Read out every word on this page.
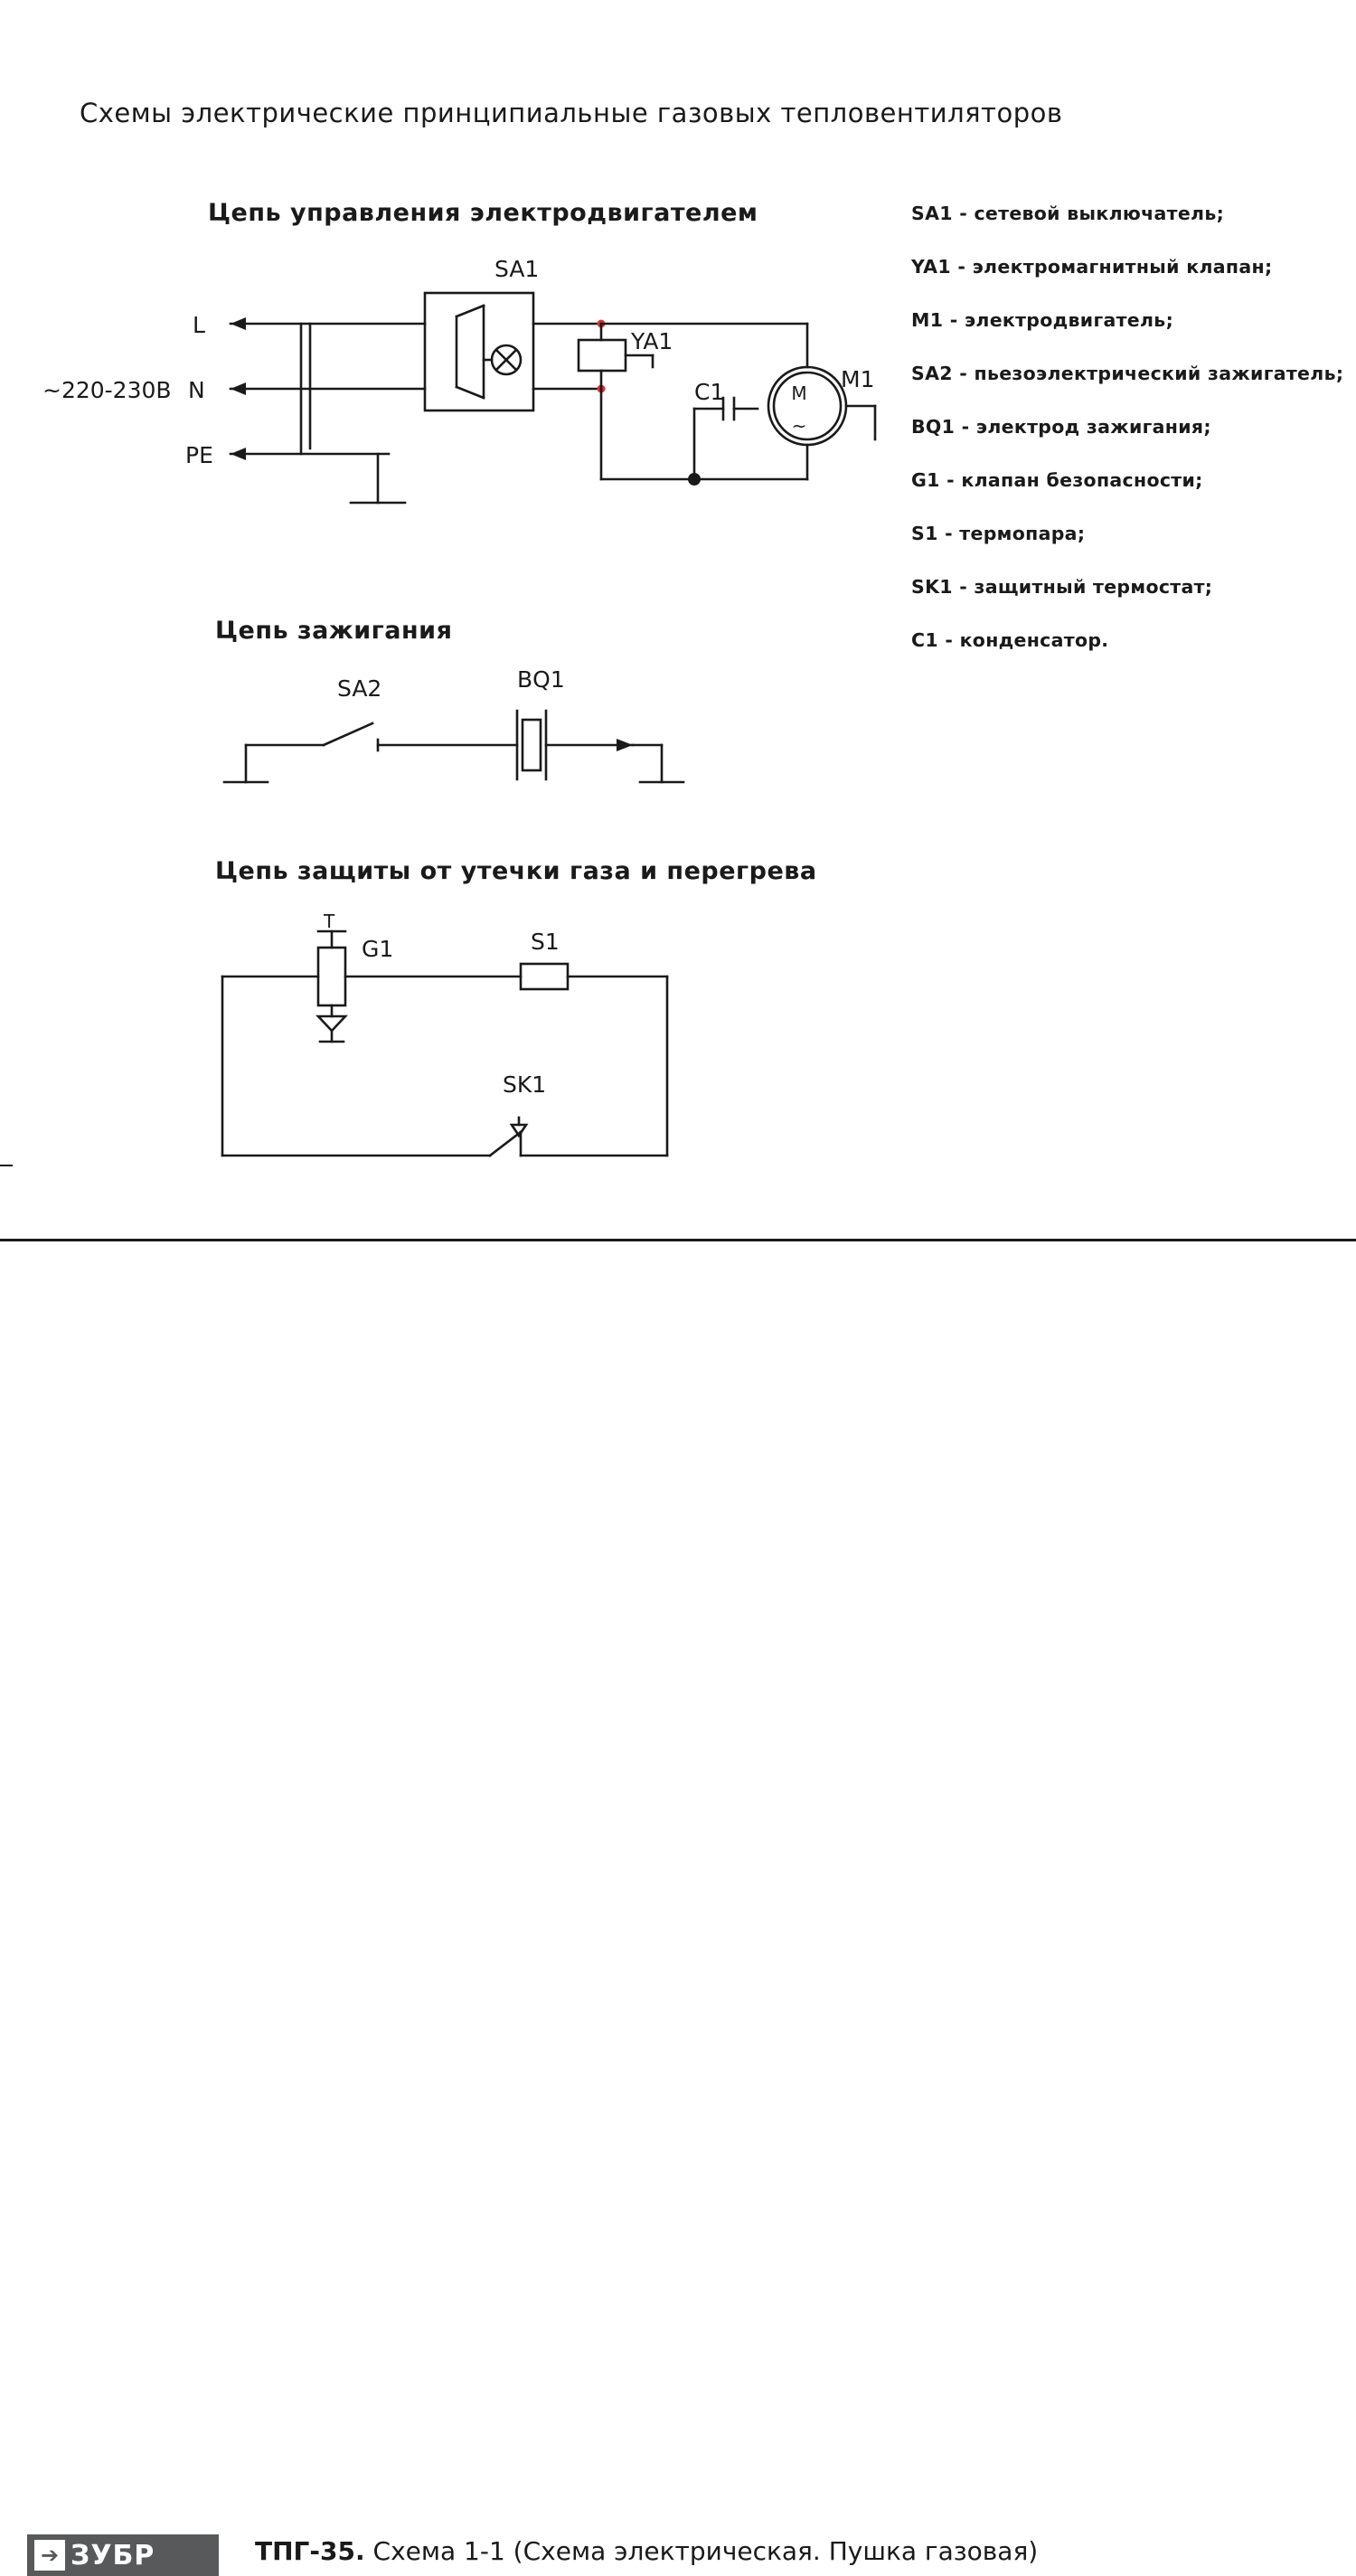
Схемы электрические принципиальные газовых тепловентиляторов
Цепь управления электродвигателем
Цепь зажигания
Цепь защиты от утечки газа и перегрева
SA1 - сетевой выключатель;
YA1 - электромагнитный клапан;
M1 - электродвигатель;
SA2 - пьезоэлектрический зажигатель;
BQ1 - электрод зажигания;
G1 - клапан безопасности;
S1 - термопара;
SK1 - защитный термостат;
C1 - конденсатор.
L
N
PE
~220-230В
SA1
YA1
C1	M1
M
~
SA2	BQ1
G1	S1
SK1
T
➔ ЗУБР	ТПГ-35. Схема 1-1 (Схема электрическая. Пушка газовая)
